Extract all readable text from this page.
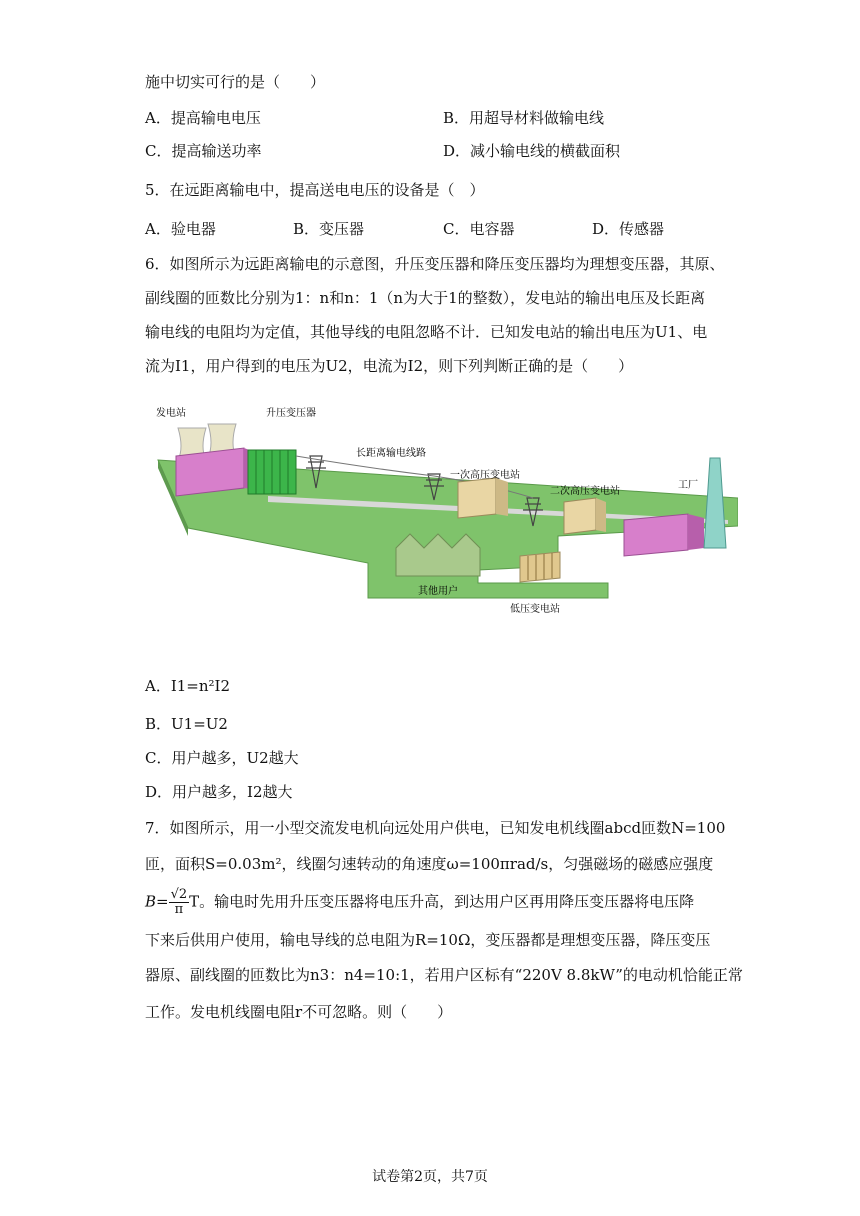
施中切实可行的是（　　）
A．提高输电电压	B．用超导材料做输电线
C．提高输送功率	D．减小输电线的横截面积
5．在远距离输电中，提高送电电压的设备是（　）
A．验电器	B．变压器	C．电容器	D．传感器
6．如图所示为远距离输电的示意图，升压变压器和降压变压器均为理想变压器，其原、
副线圈的匝数比分别为1：n和n：1（n为大于1的整数），发电站的输出电压及长距离
输电线的电阻均为定值，其他导线的电阻忽略不计．已知发电站的输出电压为U1、电
流为I1，用户得到的电压为U2，电流为I2，则下列判断正确的是（　　）
发电站	升压变压器
长距离输电线路
一次高压变电站
二次高压变电站
工厂
其他用户
低压变电站
A．I1=n²I2
B．U1=U2
C．用户越多，U2越大
D．用户越多，I2越大
7．如图所示，用一小型交流发电机向远处用户供电，已知发电机线圈abcd匝数N=100
匝，面积S=0.03m²，线圈匀速转动的角速度ω=100πrad/s，匀强磁场的磁感应强度
$B= \frac{√2}{\pi}$ T。输电时先用升压变压器将电压升高，到达用户区再用降压变压器将电压降
下来后供用户使用，输电导线的总电阻为R=10Ω，变压器都是理想变压器，降压变压
器原、副线圈的匝数比为n3：n4=10:1，若用户区标有“220V 8.8kW”的电动机恰能正常
工作。发电机线圈电阻r不可忽略。则（　　）
试卷第2页，共7页
